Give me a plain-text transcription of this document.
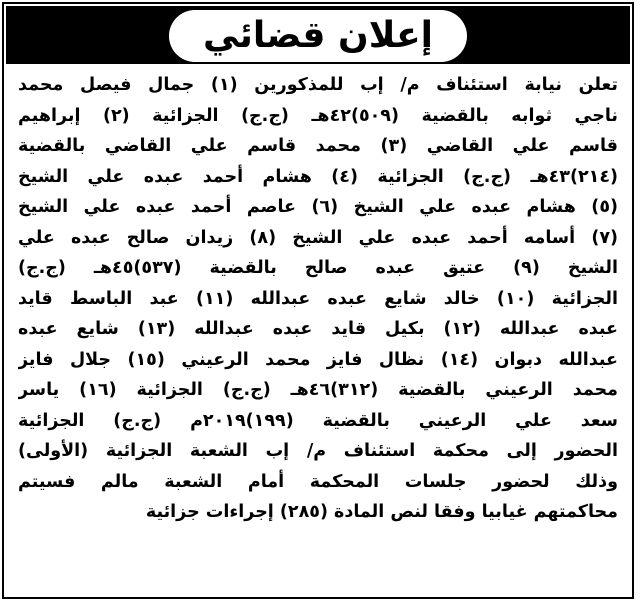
إعلان قضائي
تعلن نيابة استئناف م/ إب للمذكورين (١) جمال فيصل محمد
ناجي ثوابه بالقضية (٥٠٩)٤٢هـ (ج.ج) الجزائية (٢) إبراهيم
قاسم علي القاضي (٣) محمد قاسم علي القاضي بالقضية
(٢١٤)٤٣هـ (ج.ج) الجزائية (٤) هشام أحمد عبده علي الشيخ
(٥) هشام عبده علي الشيخ (٦) عاصم أحمد عبده علي الشيخ
(٧) أسامه أحمد عبده علي الشيخ (٨) زيدان صالح عبده علي
الشيخ (٩) عتيق عبده صالح بالقضية (٥٣٧)٤٥هـ (ج.ج)
الجزائية (١٠) خالد شايع عبده عبدالله (١١) عبد الباسط قايد
عبده عبدالله (١٢) بكيل قايد عبده عبدالله (١٣) شايع عبده
عبدالله دبوان (١٤) نظال فايز محمد الرعيني (١٥) جلال فايز
محمد الرعيني بالقضية (٣١٢)٤٦هـ (ج.ج) الجزائية (١٦) ياسر
سعد علي الرعيني بالقضية (١٩٩)٢٠١٩م (ج.ج) الجزائية
الحضور إلى محكمة استئناف م/ إب الشعبة الجزائية (الأولى)
وذلك لحضور جلسات المحكمة أمام الشعبة مالم فسيتم
محاكمتهم غيابيا وفقا لنص المادة (٢٨٥) إجراءات جزائية
